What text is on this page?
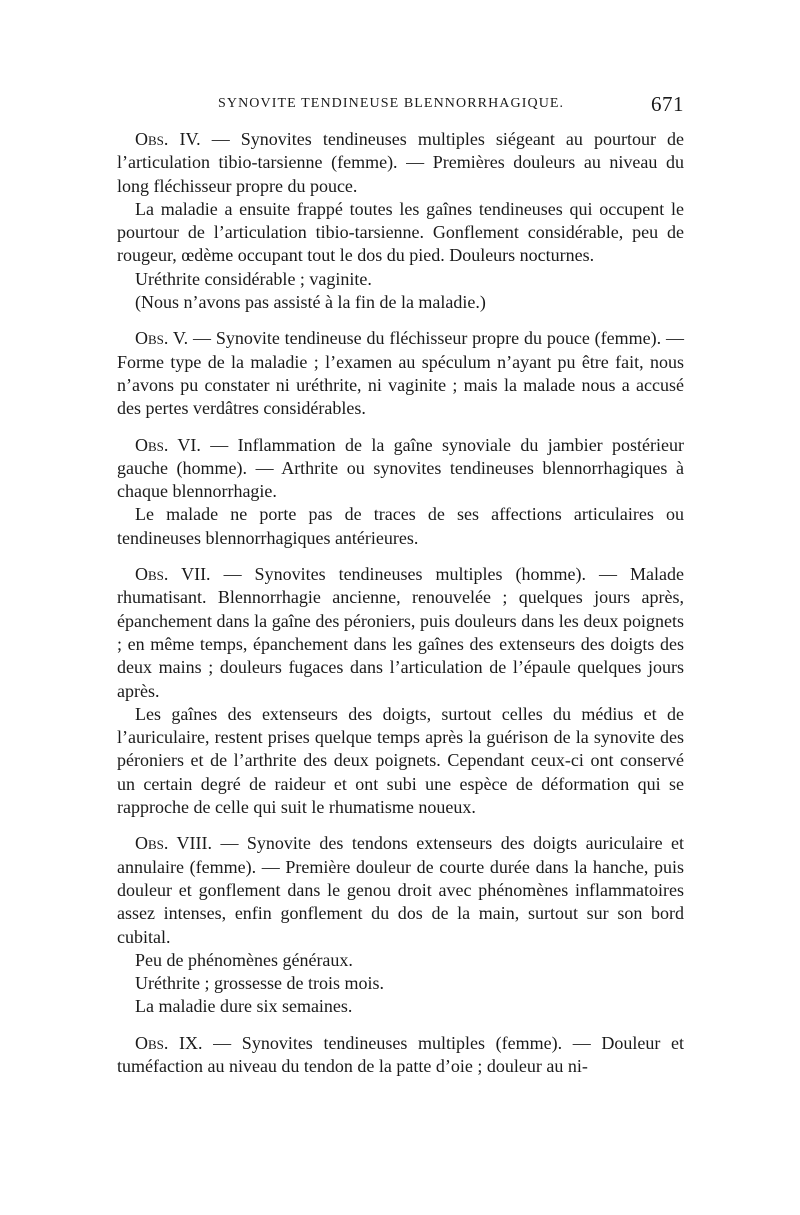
SYNOVITE TENDINEUSE BLENNORRHAGIQUE.	671

Obs. IV. — Synovites tendineuses multiples siégeant au pourtour de l’articulation tibio-tarsienne (femme). — Premières douleurs au niveau du long fléchisseur propre du pouce.

La maladie a ensuite frappé toutes les gaînes tendineuses qui occupent le pourtour de l’articulation tibio-tarsienne. Gonflement considérable, peu de rougeur, œdème occupant tout le dos du pied. Douleurs nocturnes.

Uréthrite considérable ; vaginite.

(Nous n’avons pas assisté à la fin de la maladie.)

Obs. V. — Synovite tendineuse du fléchisseur propre du pouce (femme). — Forme type de la maladie ; l’examen au spéculum n’ayant pu être fait, nous n’avons pu constater ni uréthrite, ni vaginite ; mais la malade nous a accusé des pertes verdâtres considérables.

Obs. VI. — Inflammation de la gaîne synoviale du jambier postérieur gauche (homme). — Arthrite ou synovites tendineuses blennorrhagiques à chaque blennorrhagie.

Le malade ne porte pas de traces de ses affections articulaires ou tendineuses blennorrhagiques antérieures.

Obs. VII. — Synovites tendineuses multiples (homme). — Malade rhumatisant. Blennorrhagie ancienne, renouvelée ; quelques jours après, épanchement dans la gaîne des péroniers, puis douleurs dans les deux poignets ; en même temps, épanchement dans les gaînes des extenseurs des doigts des deux mains ; douleurs fugaces dans l’articulation de l’épaule quelques jours après.

Les gaînes des extenseurs des doigts, surtout celles du médius et de l’auriculaire, restent prises quelque temps après la guérison de la synovite des péroniers et de l’arthrite des deux poignets. Cependant ceux-ci ont conservé un certain degré de raideur et ont subi une espèce de déformation qui se rapproche de celle qui suit le rhumatisme noueux.

Obs. VIII. — Synovite des tendons extenseurs des doigts auriculaire et annulaire (femme). — Première douleur de courte durée dans la hanche, puis douleur et gonflement dans le genou droit avec phénomènes inflammatoires assez intenses, enfin gonflement du dos de la main, surtout sur son bord cubital.

Peu de phénomènes généraux.

Uréthrite ; grossesse de trois mois.

La maladie dure six semaines.

Obs. IX. — Synovites tendineuses multiples (femme). — Douleur et tuméfaction au niveau du tendon de la patte d’oie ; douleur au ni-
